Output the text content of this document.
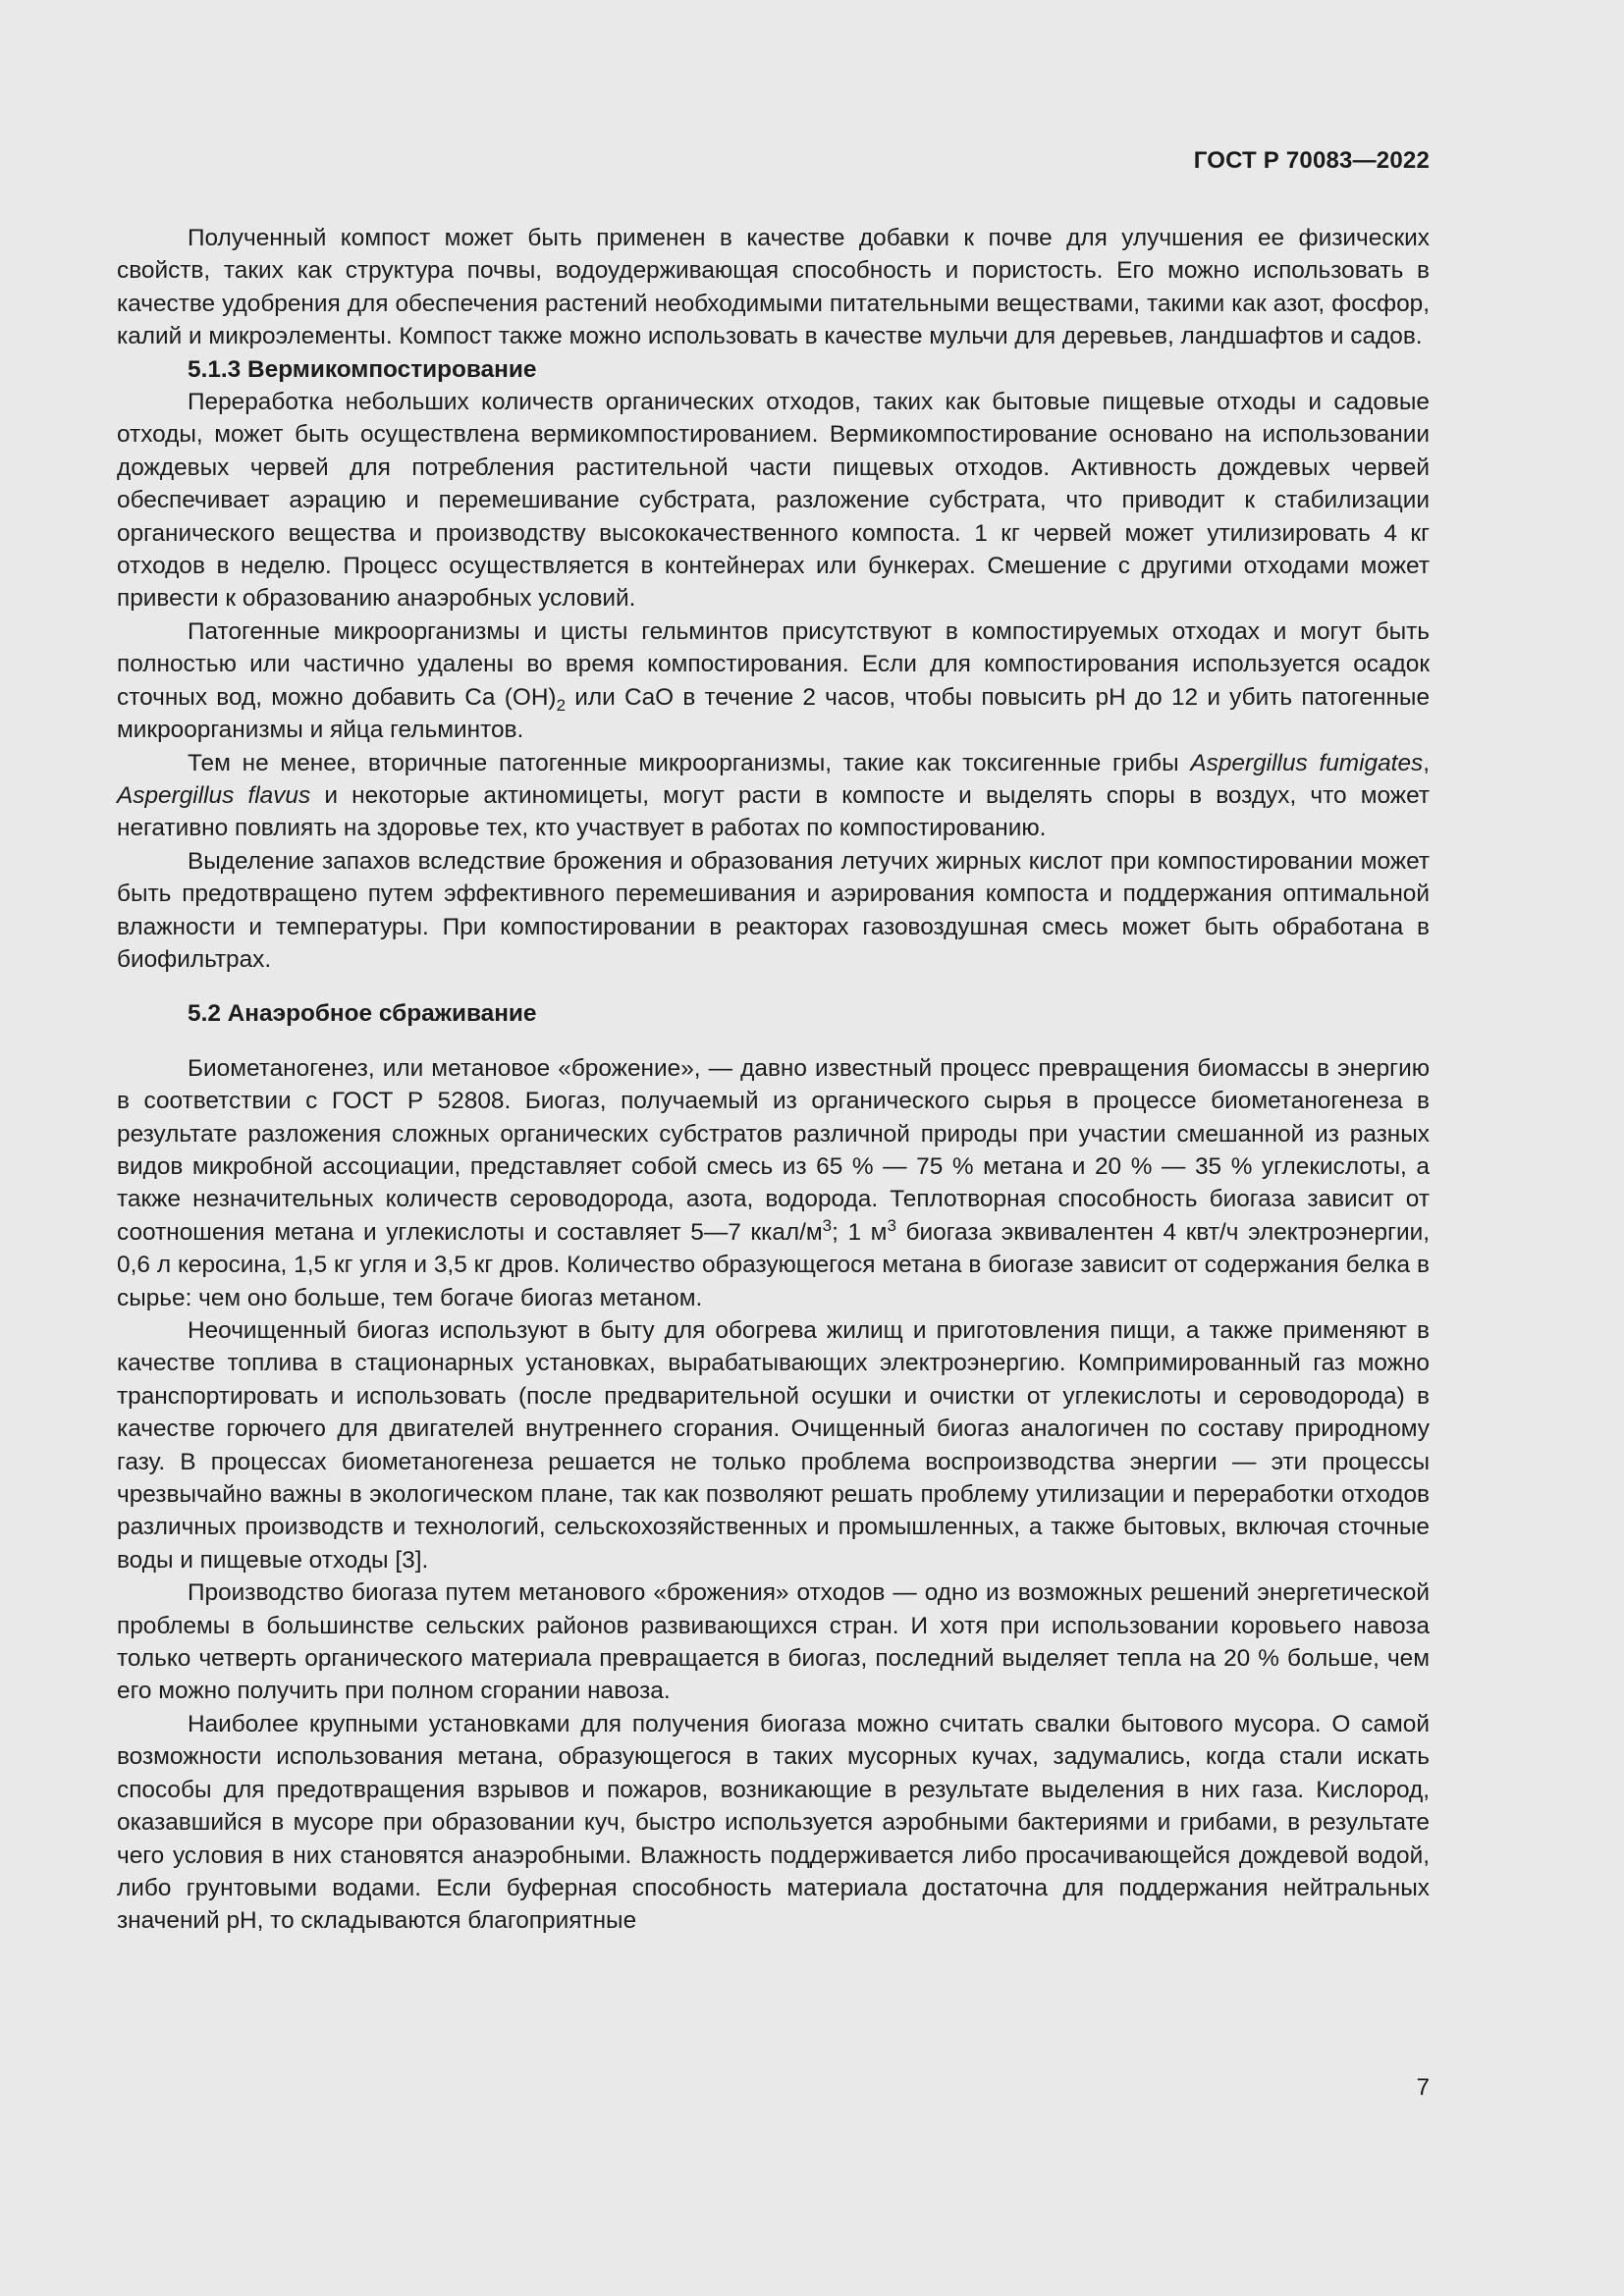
ГОСТ Р 70083—2022

Полученный компост может быть применен в качестве добавки к почве для улучшения ее физических свойств, таких как структура почвы, водоудерживающая способность и пористость. Его можно использовать в качестве удобрения для обеспечения растений необходимыми питательными веществами, такими как азот, фосфор, калий и микроэлементы. Компост также можно использовать в качестве мульчи для деревьев, ландшафтов и садов.

5.1.3 Вермикомпостирование

Переработка небольших количеств органических отходов, таких как бытовые пищевые отходы и садовые отходы, может быть осуществлена вермикомпостированием. Вермикомпостирование основано на использовании дождевых червей для потребления растительной части пищевых отходов. Активность дождевых червей обеспечивает аэрацию и перемешивание субстрата, разложение субстрата, что приводит к стабилизации органического вещества и производству высококачественного компоста. 1 кг червей может утилизировать 4 кг отходов в неделю. Процесс осуществляется в контейнерах или бункерах. Смешение с другими отходами может привести к образованию анаэробных условий.

Патогенные микроорганизмы и цисты гельминтов присутствуют в компостируемых отходах и могут быть полностью или частично удалены во время компостирования. Если для компостирования используется осадок сточных вод, можно добавить Ca $(OH)_2$ или CaO в течение 2 часов, чтобы повысить pH до 12 и убить патогенные микроорганизмы и яйца гельминтов.

Тем не менее, вторичные патогенные микроорганизмы, такие как токсигенные грибы Aspergillus fumigates, Aspergillus flavus и некоторые актиномицеты, могут расти в компосте и выделять споры в воздух, что может негативно повлиять на здоровье тех, кто участвует в работах по компостированию.

Выделение запахов вследствие брожения и образования летучих жирных кислот при компостировании может быть предотвращено путем эффективного перемешивания и аэрирования компоста и поддержания оптимальной влажности и температуры. При компостировании в реакторах газовоздушная смесь может быть обработана в биофильтрах.

5.2 Анаэробное сбраживание

Биометаногенез, или метановое «брожение», — давно известный процесс превращения биомассы в энергию в соответствии с ГОСТ Р 52808. Биогаз, получаемый из органического сырья в процессе биометаногенеза в результате разложения сложных органических субстратов различной природы при участии смешанной из разных видов микробной ассоциации, представляет собой смесь из 65 % — 75 % метана и 20 % — 35 % углекислоты, а также незначительных количеств сероводорода, азота, водорода. Теплотворная способность биогаза зависит от соотношения метана и углекислоты и составляет 5—7 ккал/$м^3$; 1 $м^3$ биогаза эквивалентен 4 квт/ч электроэнергии, 0,6 л керосина, 1,5 кг угля и 3,5 кг дров. Количество образующегося метана в биогазе зависит от содержания белка в сырье: чем оно больше, тем богаче биогаз метаном.

Неочищенный биогаз используют в быту для обогрева жилищ и приготовления пищи, а также применяют в качестве топлива в стационарных установках, вырабатывающих электроэнергию. Компримированный газ можно транспортировать и использовать (после предварительной осушки и очистки от углекислоты и сероводорода) в качестве горючего для двигателей внутреннего сгорания. Очищенный биогаз аналогичен по составу природному газу. В процессах биометаногенеза решается не только проблема воспроизводства энергии — эти процессы чрезвычайно важны в экологическом плане, так как позволяют решать проблему утилизации и переработки отходов различных производств и технологий, сельскохозяйственных и промышленных, а также бытовых, включая сточные воды и пищевые отходы [3].

Производство биогаза путем метанового «брожения» отходов — одно из возможных решений энергетической проблемы в большинстве сельских районов развивающихся стран. И хотя при использовании коровьего навоза только четверть органического материала превращается в биогаз, последний выделяет тепла на 20 % больше, чем его можно получить при полном сгорании навоза.

Наиболее крупными установками для получения биогаза можно считать свалки бытового мусора. О самой возможности использования метана, образующегося в таких мусорных кучах, задумались, когда стали искать способы для предотвращения взрывов и пожаров, возникающие в результате выделения в них газа. Кислород, оказавшийся в мусоре при образовании куч, быстро используется аэробными бактериями и грибами, в результате чего условия в них становятся анаэробными. Влажность поддерживается либо просачивающейся дождевой водой, либо грунтовыми водами. Если буферная способность материала достаточна для поддержания нейтральных значений pH, то складываются благоприятные

7
